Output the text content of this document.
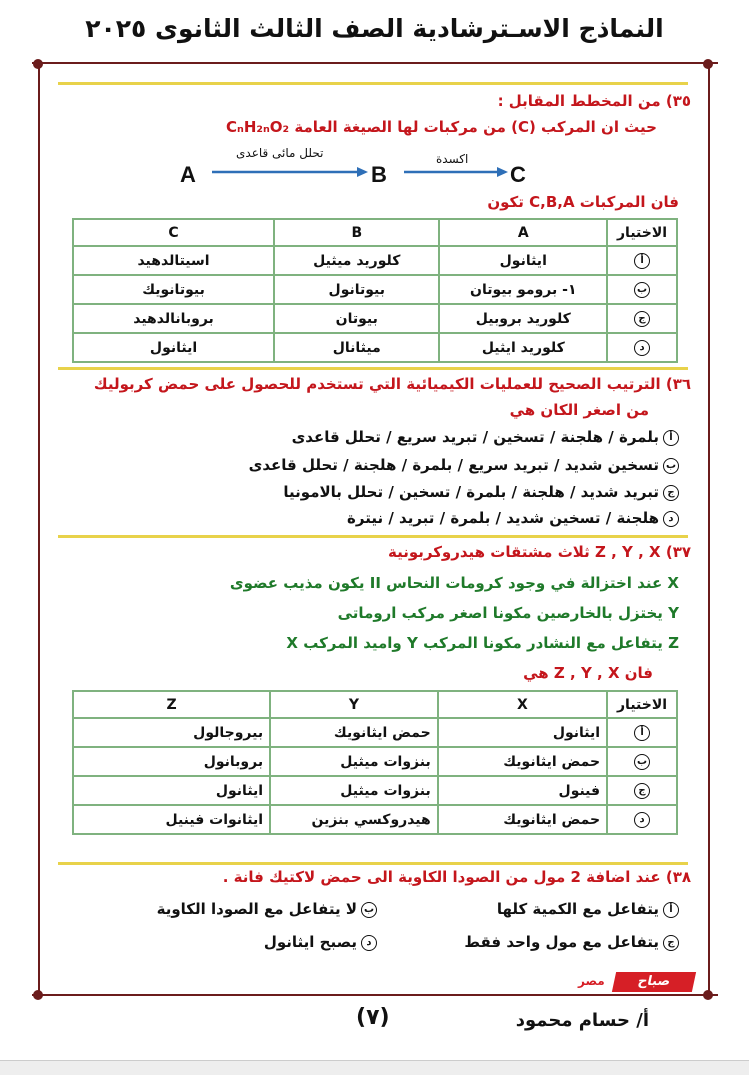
النماذج الاسـترشادية الصف الثالث الثانوى ٢٠٢٥
٣٥) من المخطط المقابل :
حيث ان المركب (C) من مركبات لها الصيغة العامة CₙH₂ₙO₂
A
تحلل مائى قاعدى
B
اكسدة
C
فان المركبات C,B,A تكون
الاختيار	A	B	C
أ	ايثانول	كلوريد ميثيل	اسيتالدهيد
ب	١- برومو بيوتان	بيوتانول	بيوتانويك
ج	كلوريد بروبيل	بيوتان	بروبانالدهيد
د	كلوريد ايثيل	ميثانال	ايثانول
٣٦) الترتيب الصحيح للعمليات الكيميائية التي تستخدم للحصول على حمض كربوليك
من اصغر الكان هي
أبلمرة / هلجنة / تسخين / تبريد سريع / تحلل قاعدى
بتسخين شديد / تبريد سريع / بلمرة / هلجنة / تحلل قاعدى
جتبريد شديد / هلجنة / بلمرة / تسخين / تحلل بالامونيا
دهلجنة / تسخين شديد / بلمرة / تبريد / نيترة
٣٧) Z , Y , X ثلاث مشتقات هيدروكربونية
X عند اختزالة في وجود كرومات النحاس II يكون مذيب عضوى
Y يختزل بالخارصين مكونا اصغر مركب اروماتى
Z يتفاعل مع النشادر مكونا المركب Y واميد المركب X
فان Z , Y , X هي
الاختيار	X	Y	Z
أ	ايثانول	حمض ايثانويك	بيروجالول
ب	حمض ايثانويك	بنزوات ميثيل	بروبانول
ج	فينول	بنزوات ميثيل	ايثانول
د	حمض ايثانويك	هيدروكسي بنزين	ايثانوات فينيل
٣٨) عند اضافة 2 مول من الصودا الكاوية الى حمض لاكتيك فانة .
أيتفاعل مع الكمية كلها
بلا يتفاعل مع الصودا الكاوية
جيتفاعل مع مول واحد فقط
ديصبح ايثانول
مصر	صباح
(٧)	أ/ حسام محمود
